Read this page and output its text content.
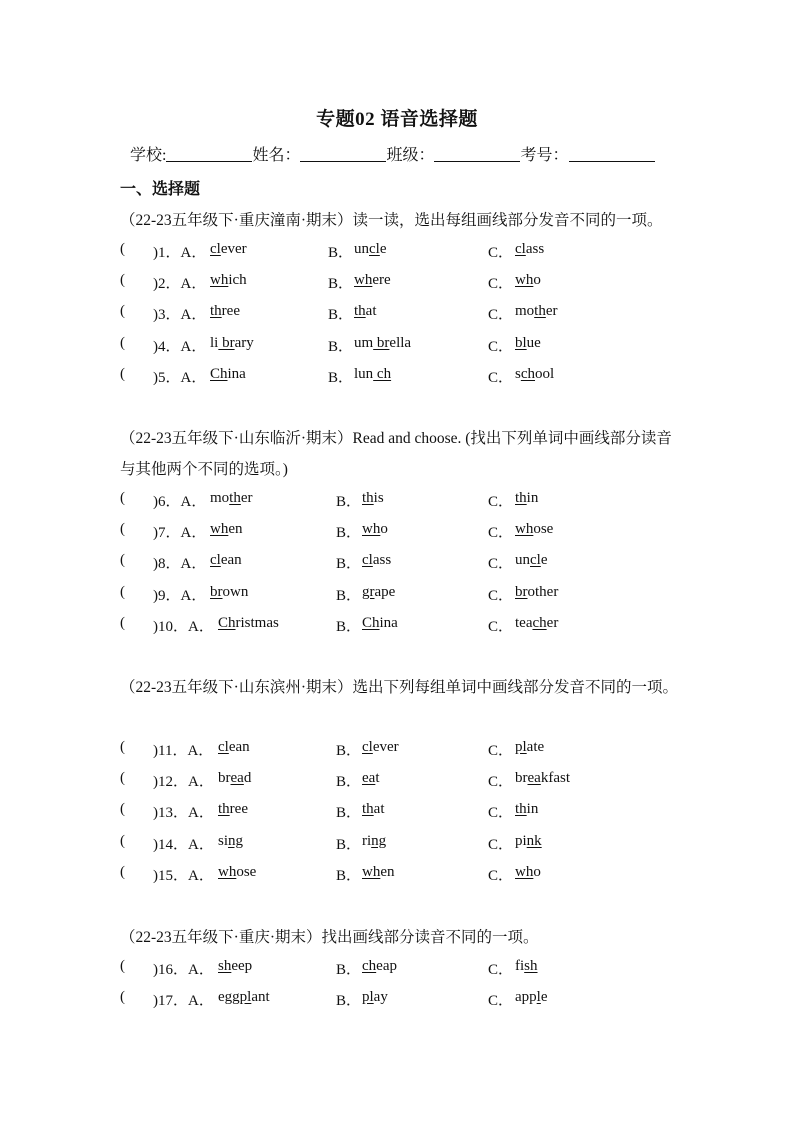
专题02 语音选择题
学校:	姓名：	班级：	考号：
一、选择题
（22-23五年级下·重庆潼南·期末）读一读，选出每组画线部分发音不同的一项。
( )1．A． clever	B． uncle	C． class
( )2．A． which	B． where	C． who
( )3．A． three	B． that	C． mother
( )4．A． li brary	B． um brella	C． blue
( )5．A． China	B． lun ch	C． school
（22-23五年级下·山东临沂·期末）Read and choose. (找出下列单词中画线部分读音与其他两个不同的选项。)
( )6．A． mother	B． this	C． thin
( )7．A． when	B． who	C． whose
( )8．A． clean	B． class	C． uncle
( )9．A． brown	B． grape	C． brother
( )10．A． Christmas	B． China	C． teacher
（22-23五年级下·山东滨州·期末）选出下列每组单词中画线部分发音不同的一项。
( )11．A． clean	B． clever	C． plate
( )12．A． bread	B． eat	C． breakfast
( )13．A． three	B． that	C． thin
( )14．A． sing	B． ring	C． pink
( )15．A． whose	B． when	C． who
（22-23五年级下·重庆·期末）找出画线部分读音不同的一项。
( )16．A． sheep	B． cheap	C． fish
( )17．A． eggplant	B． play	C． apple
